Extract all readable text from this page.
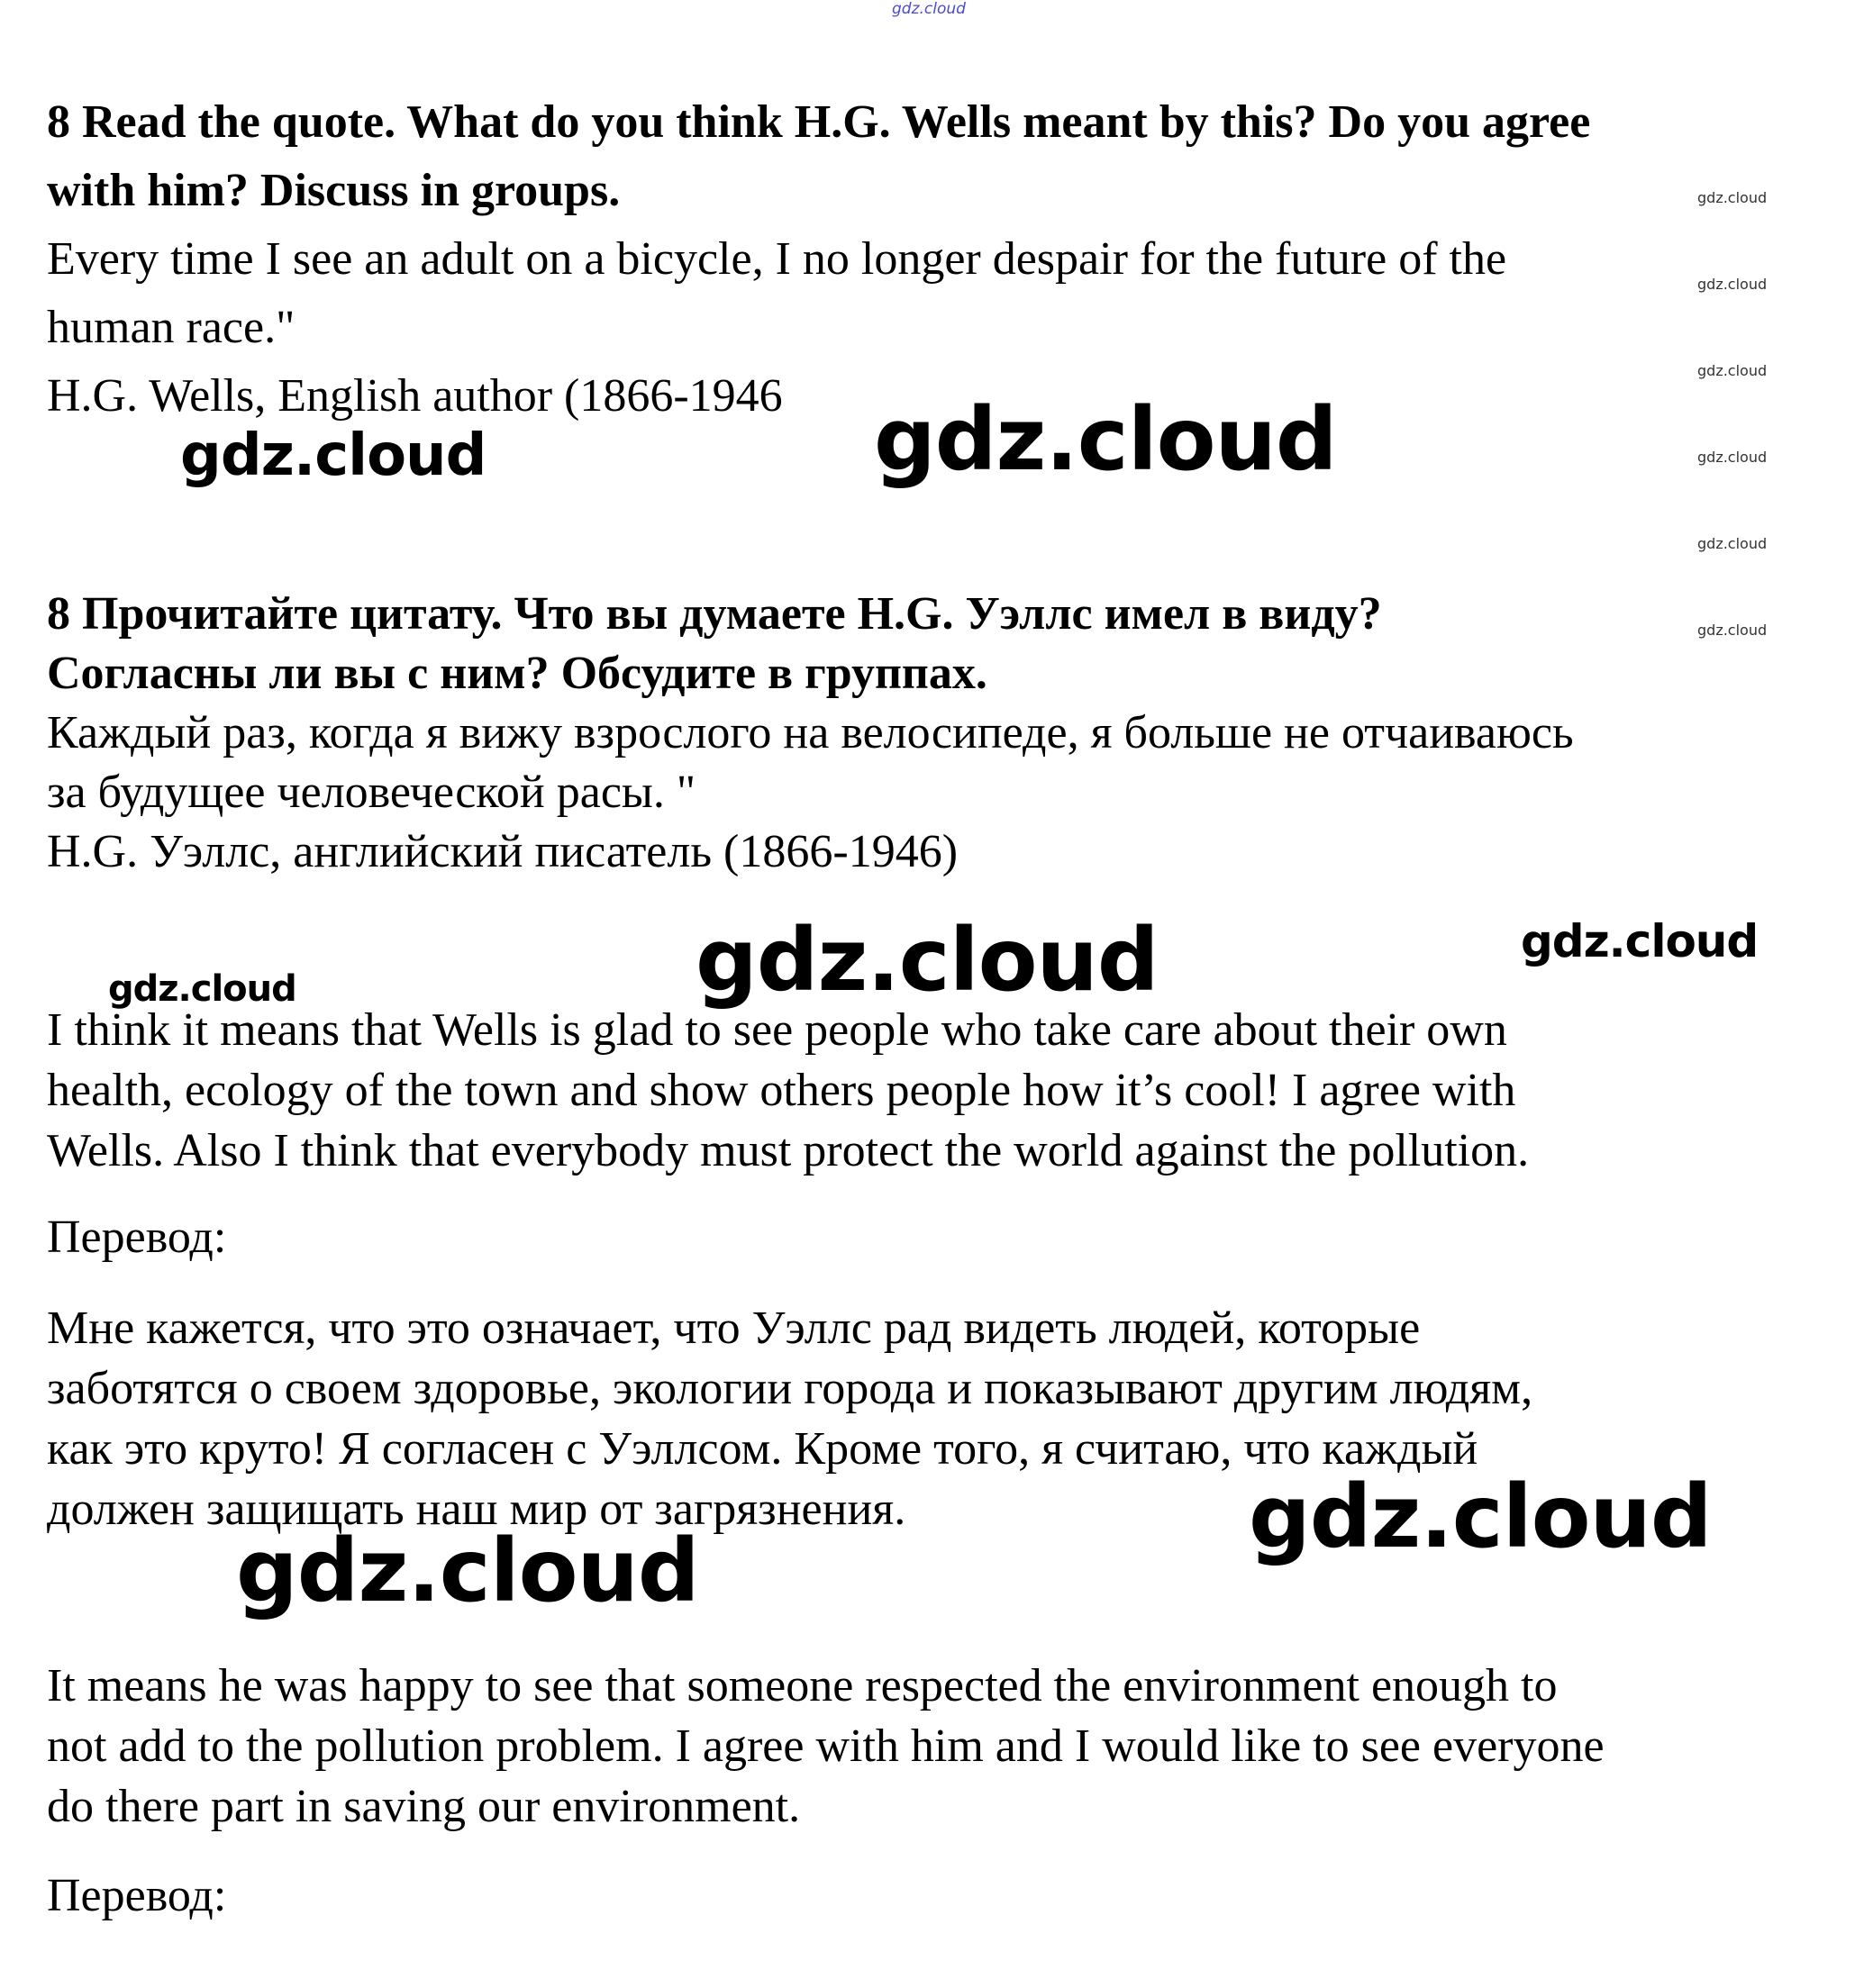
gdz.cloud
8 Read the quote. What do you think H.G. Wells meant by this? Do you agree
with him? Discuss in groups.
Every time I see an adult on a bicycle, I no longer despair for the future of the
human race."
H.G. Wells, English author (1866-1946
8 Прочитайте цитату. Что вы думаете H.G. Уэллс имел в виду?
Согласны ли вы с ним? Обсудите в группах.
Каждый раз, когда я вижу взрослого на велосипеде, я больше не отчаиваюсь
за будущее человеческой расы. "
H.G. Уэллс, английский писатель (1866-1946)
I think it means that Wells is glad to see people who take care about their own
health, ecology of the town and show others people how it’s cool! I agree with
Wells. Also I think that everybody must protect the world against the pollution.
Перевод:
Мне кажется, что это означает, что Уэллс рад видеть людей, которые
заботятся о своем здоровье, экологии города и показывают другим людям,
как это круто! Я согласен с Уэллсом. Кроме того, я считаю, что каждый
должен защищать наш мир от загрязнения.
It means he was happy to see that someone respected the environment enough to
not add to the pollution problem. I agree with him and I would like to see everyone
do there part in saving our environment.
Перевод:
gdz.cloud
gdz.cloud
gdz.cloud
gdz.cloud
gdz.cloud
gdz.cloud
gdz.cloud	gdz.cloud
gdz.cloud	gdz.cloud
gdz.cloud
gdz.cloud
gdz.cloud
